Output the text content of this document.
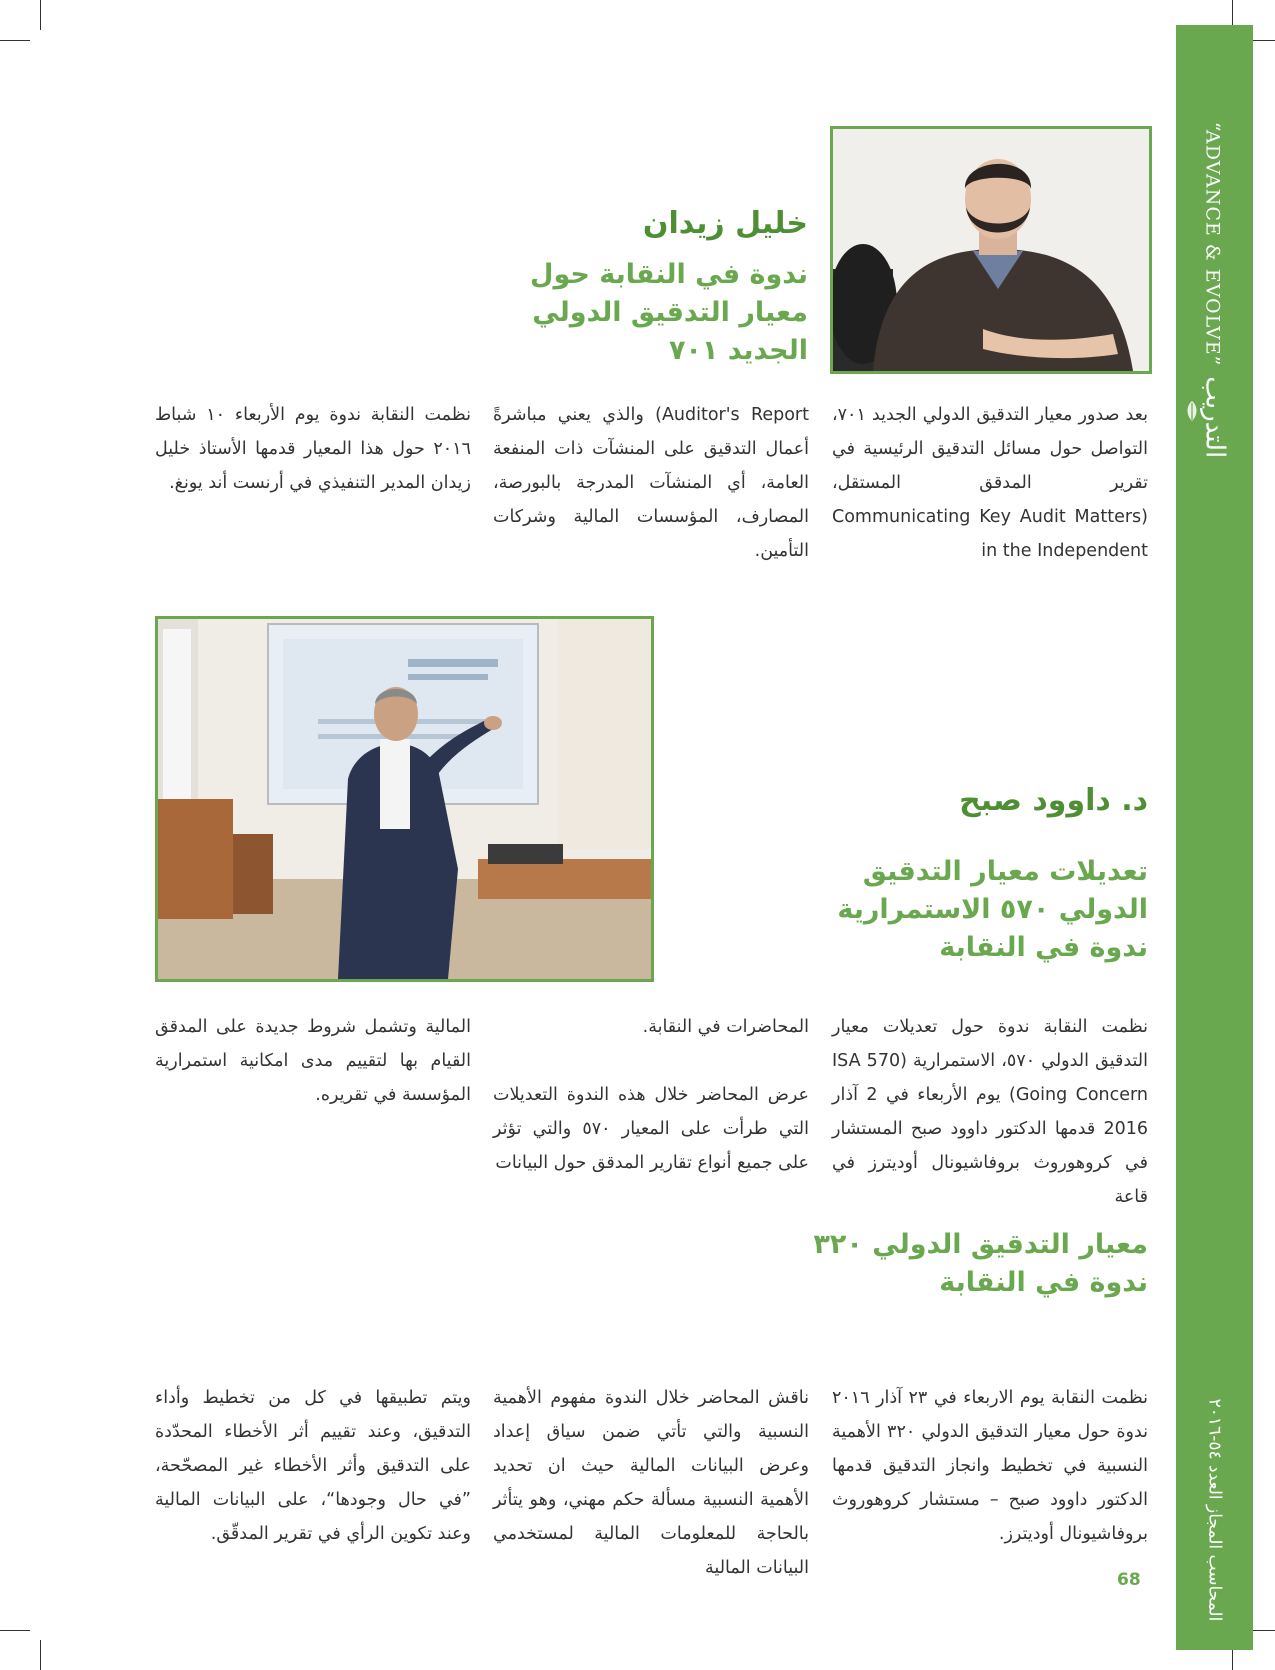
“ADVANCE & EVOLVE”التدريب
المحاسب المجاز العدد ٥٤-٢٠١٦
خليل زيدان
ندوة في النقابة حول
معيار التدقيق الدولي
الجديد ٧٠١

بعد صدور معيار التدقيق الدولي الجديد ٧٠١، التواصل حول مسائل التدقيق الرئيسية في تقرير المدقق المستقل، (Communicating Key Audit Matters in the Independent

Auditor's Report) والذي يعني مباشرةً أعمال التدقيق على المنشآت ذات المنفعة العامة، أي المنشآت المدرجة بالبورصة، المصارف، المؤسسات المالية وشركات التأمين.

نظمت النقابة ندوة يوم الأربعاء ١٠ شباط ٢٠١٦ حول هذا المعيار قدمها الأستاذ خليل زيدان المدير التنفيذي في أرنست أند يونغ.

د. داوود صبح
تعديلات معيار التدقيق
الدولي ٥٧٠ الاستمرارية
ندوة في النقابة

نظمت النقابة ندوة حول تعديلات معيار التدقيق الدولي ٥٧٠، الاستمرارية (ISA 570 Going Concern) يوم الأربعاء في 2 آذار 2016 قدمها الدكتور داوود صبح المستشار في كروهوروث بروفاشيونال أوديترز في قاعة

المحاضرات في النقابة.

عرض المحاضر خلال هذه الندوة التعديلات التي طرأت على المعيار ٥٧٠ والتي تؤثر على جميع أنواع تقارير المدقق حول البيانات

المالية وتشمل شروط جديدة على المدقق القيام بها لتقييم مدى امكانية استمرارية المؤسسة في تقريره.

معيار التدقيق الدولي ٣٢٠
ندوة في النقابة

نظمت النقابة يوم الاربعاء في ٢٣ آذار ٢٠١٦ ندوة حول معيار التدقيق الدولي ٣٢٠ الأهمية النسبية في تخطيط وانجاز التدقيق قدمها الدكتور داوود صبح – مستشار كروهوروث بروفاشيونال أوديترز.

ناقش المحاضر خلال الندوة مفهوم الأهمية النسبية والتي تأتي ضمن سياق إعداد وعرض البيانات المالية حيث ان تحديد الأهمية النسبية مسألة حكم مهني، وهو يتأثر بالحاجة للمعلومات المالية لمستخدمي البيانات المالية

ويتم تطبيقها في كل من تخطيط وأداء التدقيق، وعند تقييم أثر الأخطاء المحدّدة على التدقيق وأثر الأخطاء غير المصحّحة، ”في حال وجودها“، على البيانات المالية وعند تكوين الرأي في تقرير المدقّق.

68
